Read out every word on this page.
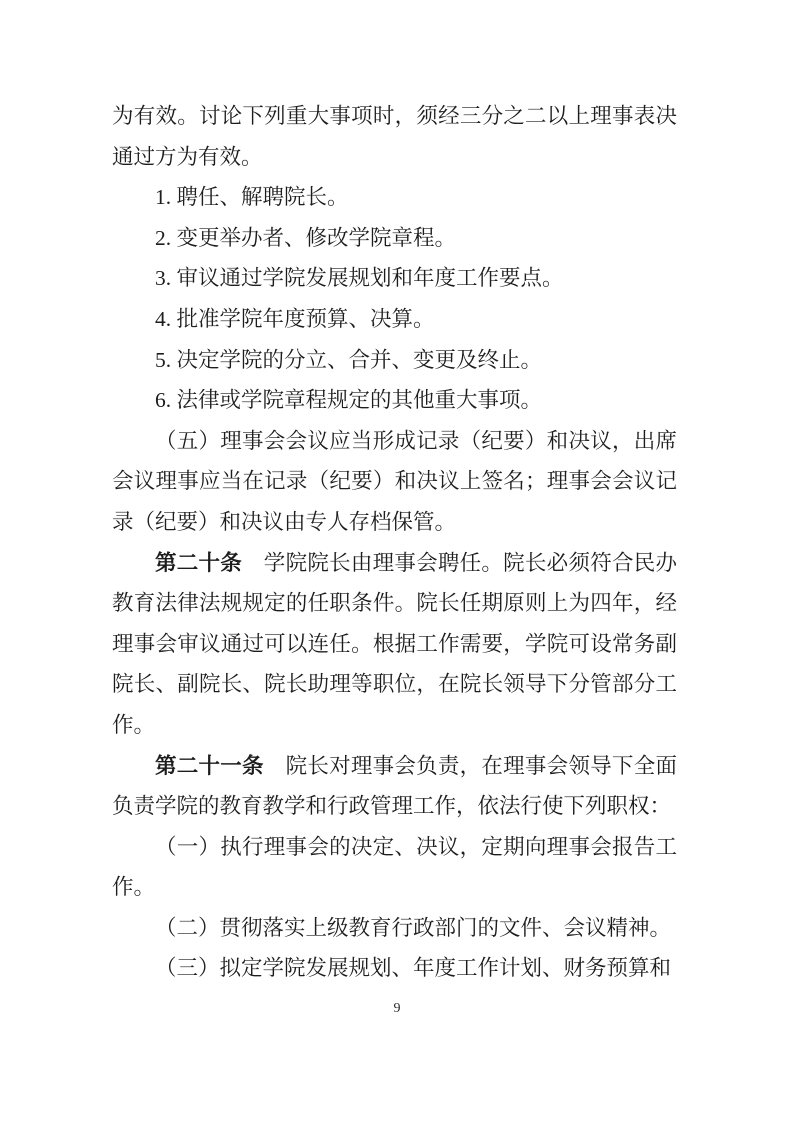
为有效。讨论下列重大事项时，须经三分之二以上理事表决通过方为有效。

1. 聘任、解聘院长。

2. 变更举办者、修改学院章程。

3. 审议通过学院发展规划和年度工作要点。

4. 批准学院年度预算、决算。

5. 决定学院的分立、合并、变更及终止。

6. 法律或学院章程规定的其他重大事项。

（五）理事会会议应当形成记录（纪要）和决议，出席会议理事应当在记录（纪要）和决议上签名；理事会会议记录（纪要）和决议由专人存档保管。

第二十条　学院院长由理事会聘任。院长必须符合民办教育法律法规规定的任职条件。院长任期原则上为四年，经理事会审议通过可以连任。根据工作需要，学院可设常务副院长、副院长、院长助理等职位，在院长领导下分管部分工作。

第二十一条　院长对理事会负责，在理事会领导下全面负责学院的教育教学和行政管理工作，依法行使下列职权：

（一）执行理事会的决定、决议，定期向理事会报告工作。

（二）贯彻落实上级教育行政部门的文件、会议精神。

（三）拟定学院发展规划、年度工作计划、财务预算和

9
